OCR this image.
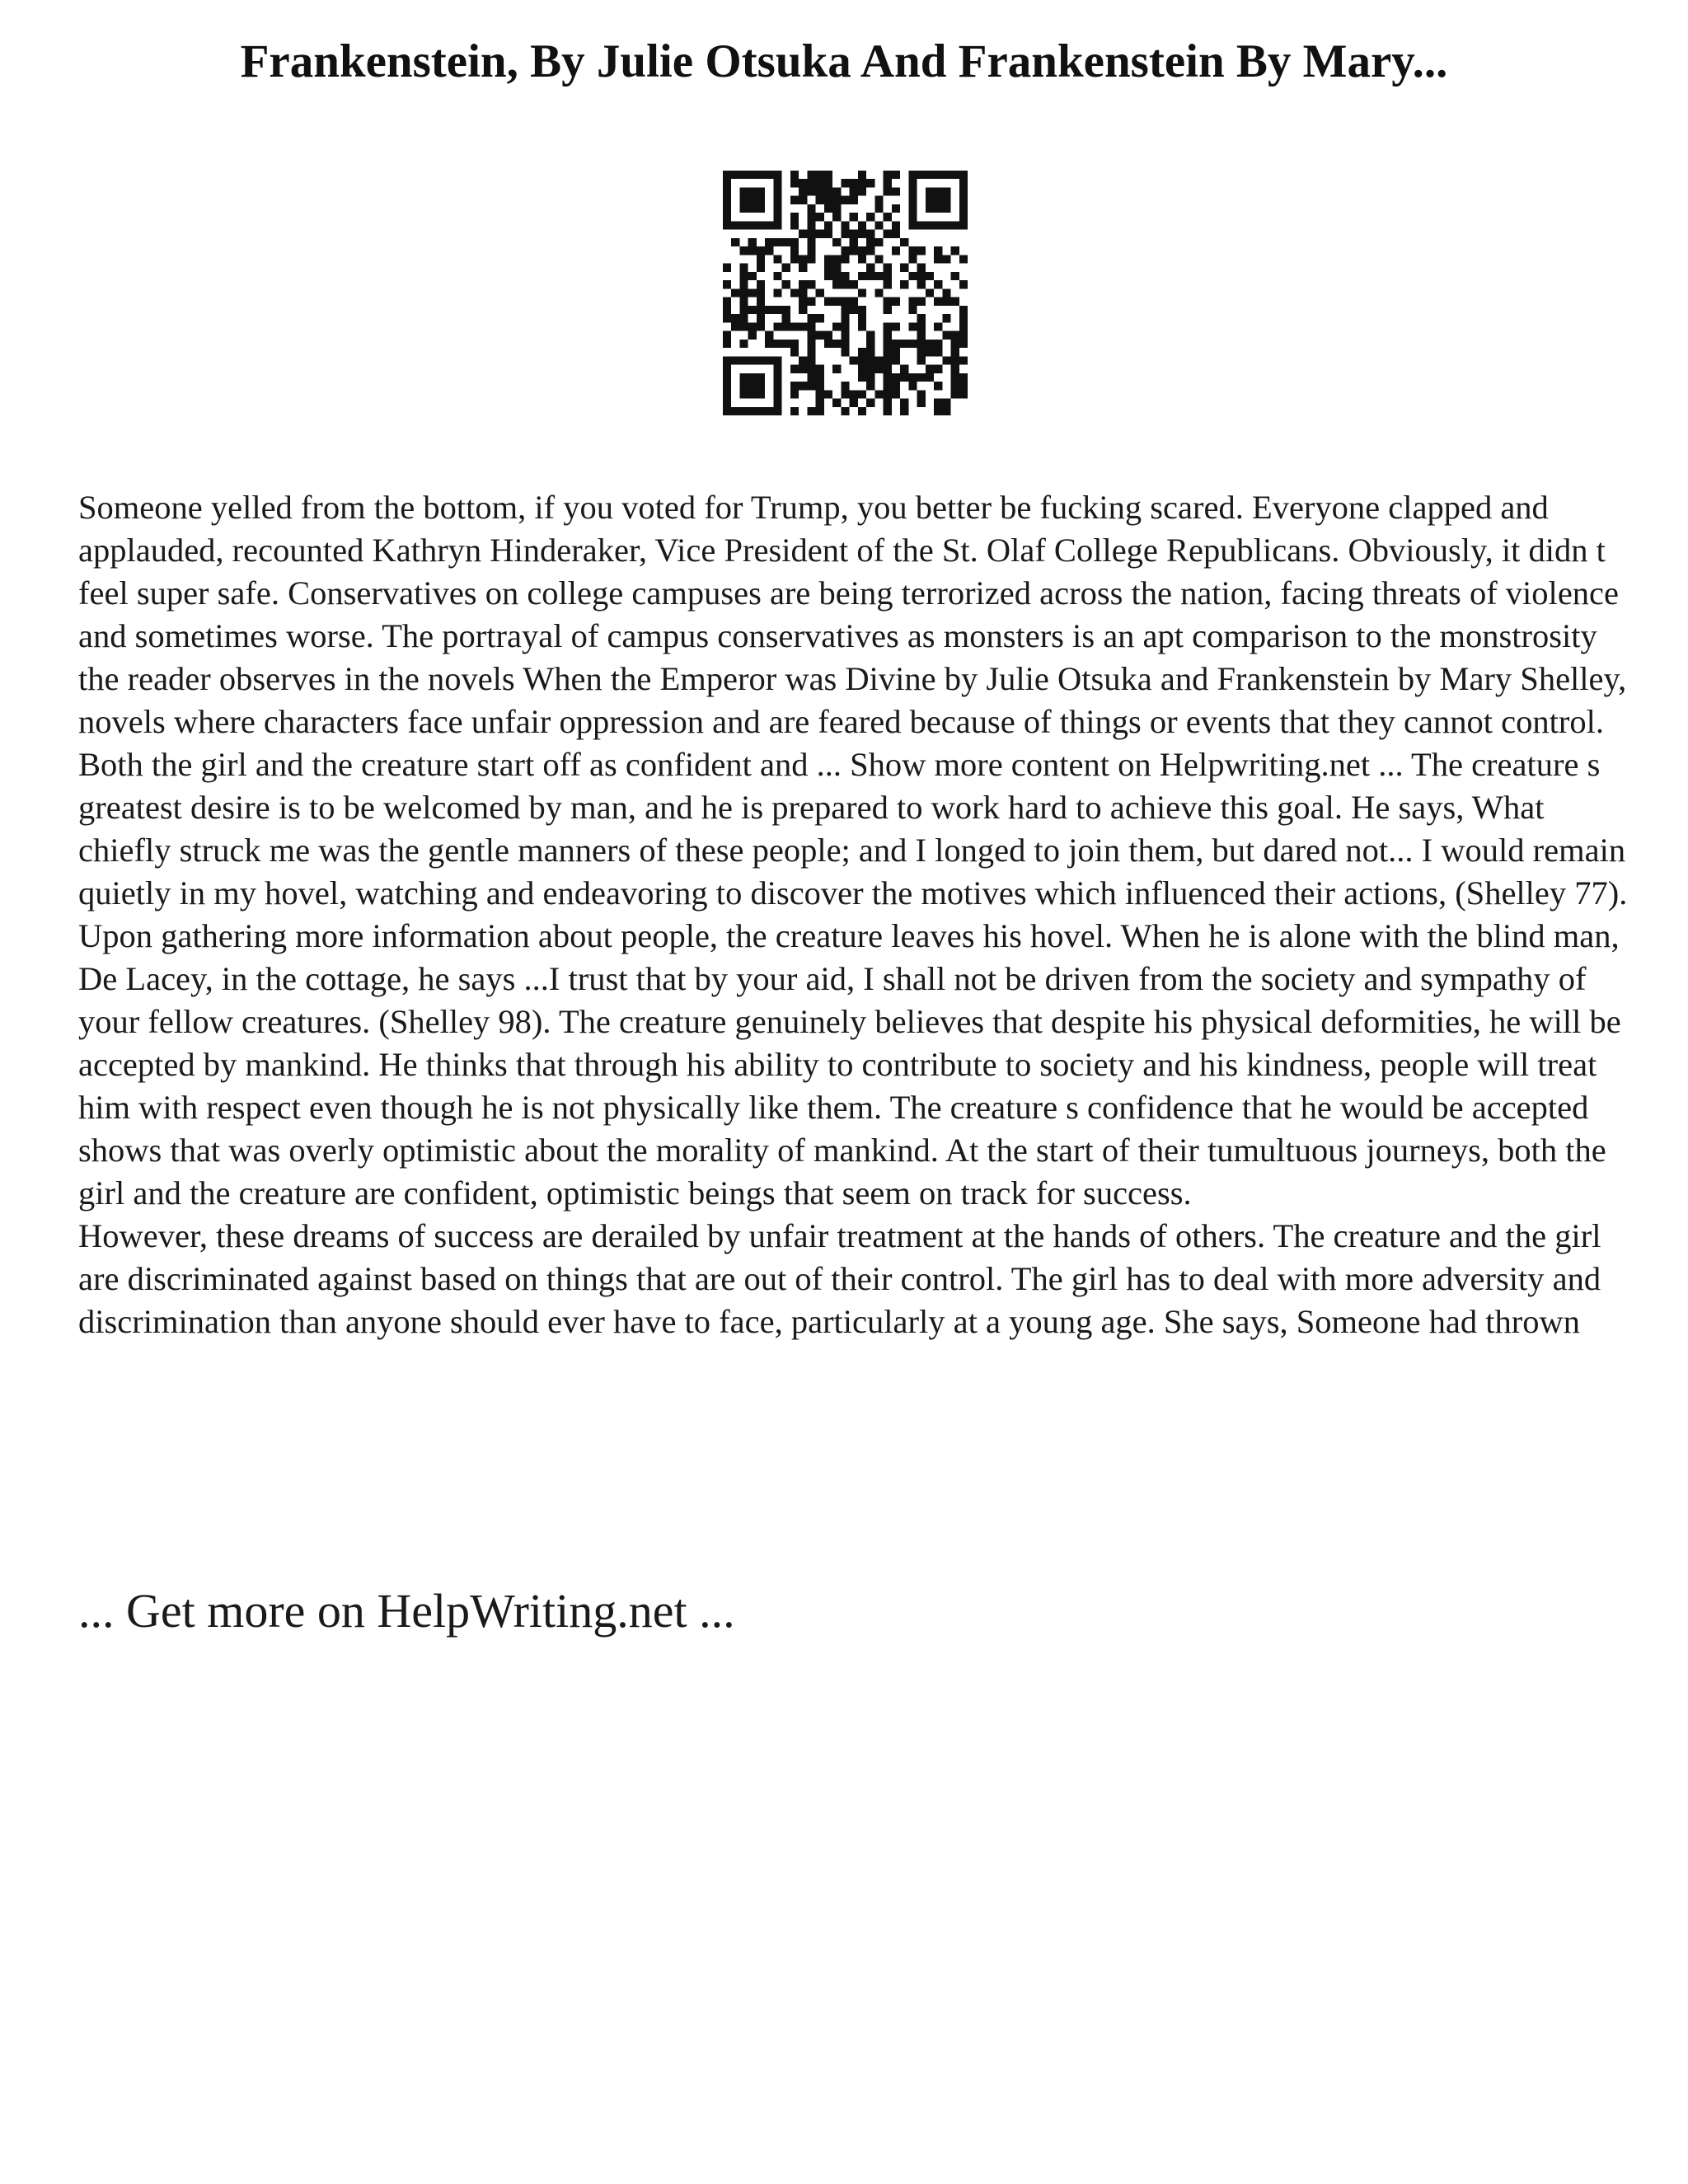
Frankenstein, By Julie Otsuka And Frankenstein By Mary...

Someone yelled from the bottom, if you voted for Trump, you better be fucking scared. Everyone clapped and applauded, recounted Kathryn Hinderaker, Vice President of the St. Olaf College Republicans. Obviously, it didn t feel super safe. Conservatives on college campuses are being terrorized across the nation, facing threats of violence and sometimes worse. The portrayal of campus conservatives as monsters is an apt comparison to the monstrosity the reader observes in the novels When the Emperor was Divine by Julie Otsuka and Frankenstein by Mary Shelley, novels where characters face unfair oppression and are feared because of things or events that they cannot control. Both the girl and the creature start off as confident and ... Show more content on Helpwriting.net ... The creature s greatest desire is to be welcomed by man, and he is prepared to work hard to achieve this goal. He says, What chiefly struck me was the gentle manners of these people; and I longed to join them, but dared not... I would remain quietly in my hovel, watching and endeavoring to discover the motives which influenced their actions, (Shelley 77). Upon gathering more information about people, the creature leaves his hovel. When he is alone with the blind man, De Lacey, in the cottage, he says ...I trust that by your aid, I shall not be driven from the society and sympathy of your fellow creatures. (Shelley 98). The creature genuinely believes that despite his physical deformities, he will be accepted by mankind. He thinks that through his ability to contribute to society and his kindness, people will treat him with respect even though he is not physically like them. The creature s confidence that he would be accepted shows that was overly optimistic about the morality of mankind. At the start of their tumultuous journeys, both the girl and the creature are confident, optimistic beings that seem on track for success.

However, these dreams of success are derailed by unfair treatment at the hands of others. The creature and the girl are discriminated against based on things that are out of their control. The girl has to deal with more adversity and discrimination than anyone should ever have to face, particularly at a young age. She says, Someone had thrown

... Get more on HelpWriting.net ...
